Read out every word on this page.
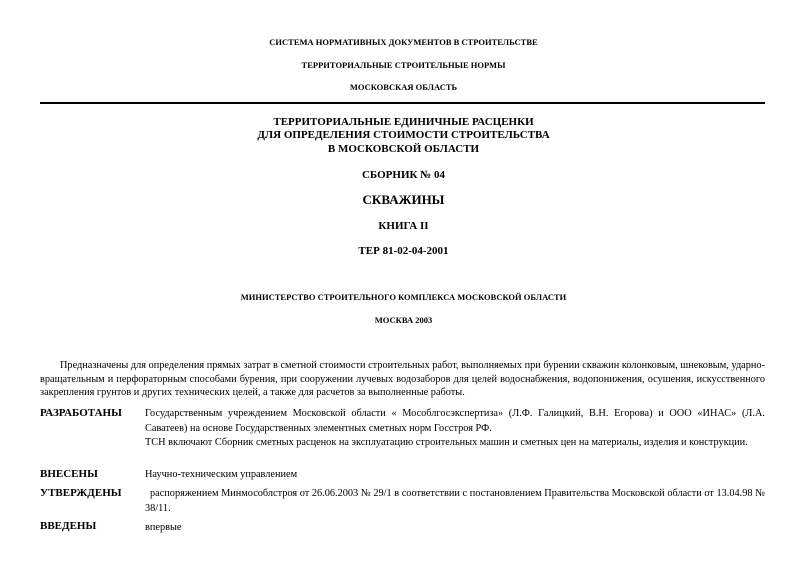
СИСТЕМА НОРМАТИВНЫХ ДОКУМЕНТОВ В СТРОИТЕЛЬСТВЕ
ТЕРРИТОРИАЛЬНЫЕ СТРОИТЕЛЬНЫЕ НОРМЫ
МОСКОВСКАЯ ОБЛАСТЬ
ТЕРРИТОРИАЛЬНЫЕ ЕДИНИЧНЫЕ РАСЦЕНКИ
ДЛЯ ОПРЕДЕЛЕНИЯ СТОИМОСТИ СТРОИТЕЛЬСТВА
В МОСКОВСКОЙ ОБЛАСТИ
СБОРНИК № 04
СКВАЖИНЫ
КНИГА II
ТЕР 81-02-04-2001
МИНИСТЕРСТВО СТРОИТЕЛЬНОГО КОМПЛЕКСА МОСКОВСКОЙ ОБЛАСТИ
МОСКВА 2003
Предназначены для определения прямых затрат в сметной стоимости строительных работ, выполняемых при бурении скважин колонковым, шнековым, ударно-вращательным и перфораторным способами бурения, при сооружении лучевых водозаборов для целей водоснабжения, водопонижения, осушения, искусственного закрепления грунтов и других технических целей, а также для расчетов за выполненные работы.
РАЗРАБОТАНЫ Государственным учреждением Московской области « Мособлгосэкспертиза» (Л.Ф. Галицкий, В.Н. Егорова) и ООО «ИНАС» (Л.А. Саватеев) на основе Государственных элементных сметных норм Госстроя РФ.

ТСН включают Сборник сметных расценок на эксплуатацию строительных машин и сметных цен на материалы, изделия и конструкции.

ВНЕСЕНЫ	Научно-техническим управлением
УТВЕРЖДЕНЫ	распоряжением Минмособлстроя от 26.06.2003 № 29/1 в соответствии с постановлением Правительства Московской области от 13.04.98 № 38/11.
ВВЕДЕНЫ	впервые
